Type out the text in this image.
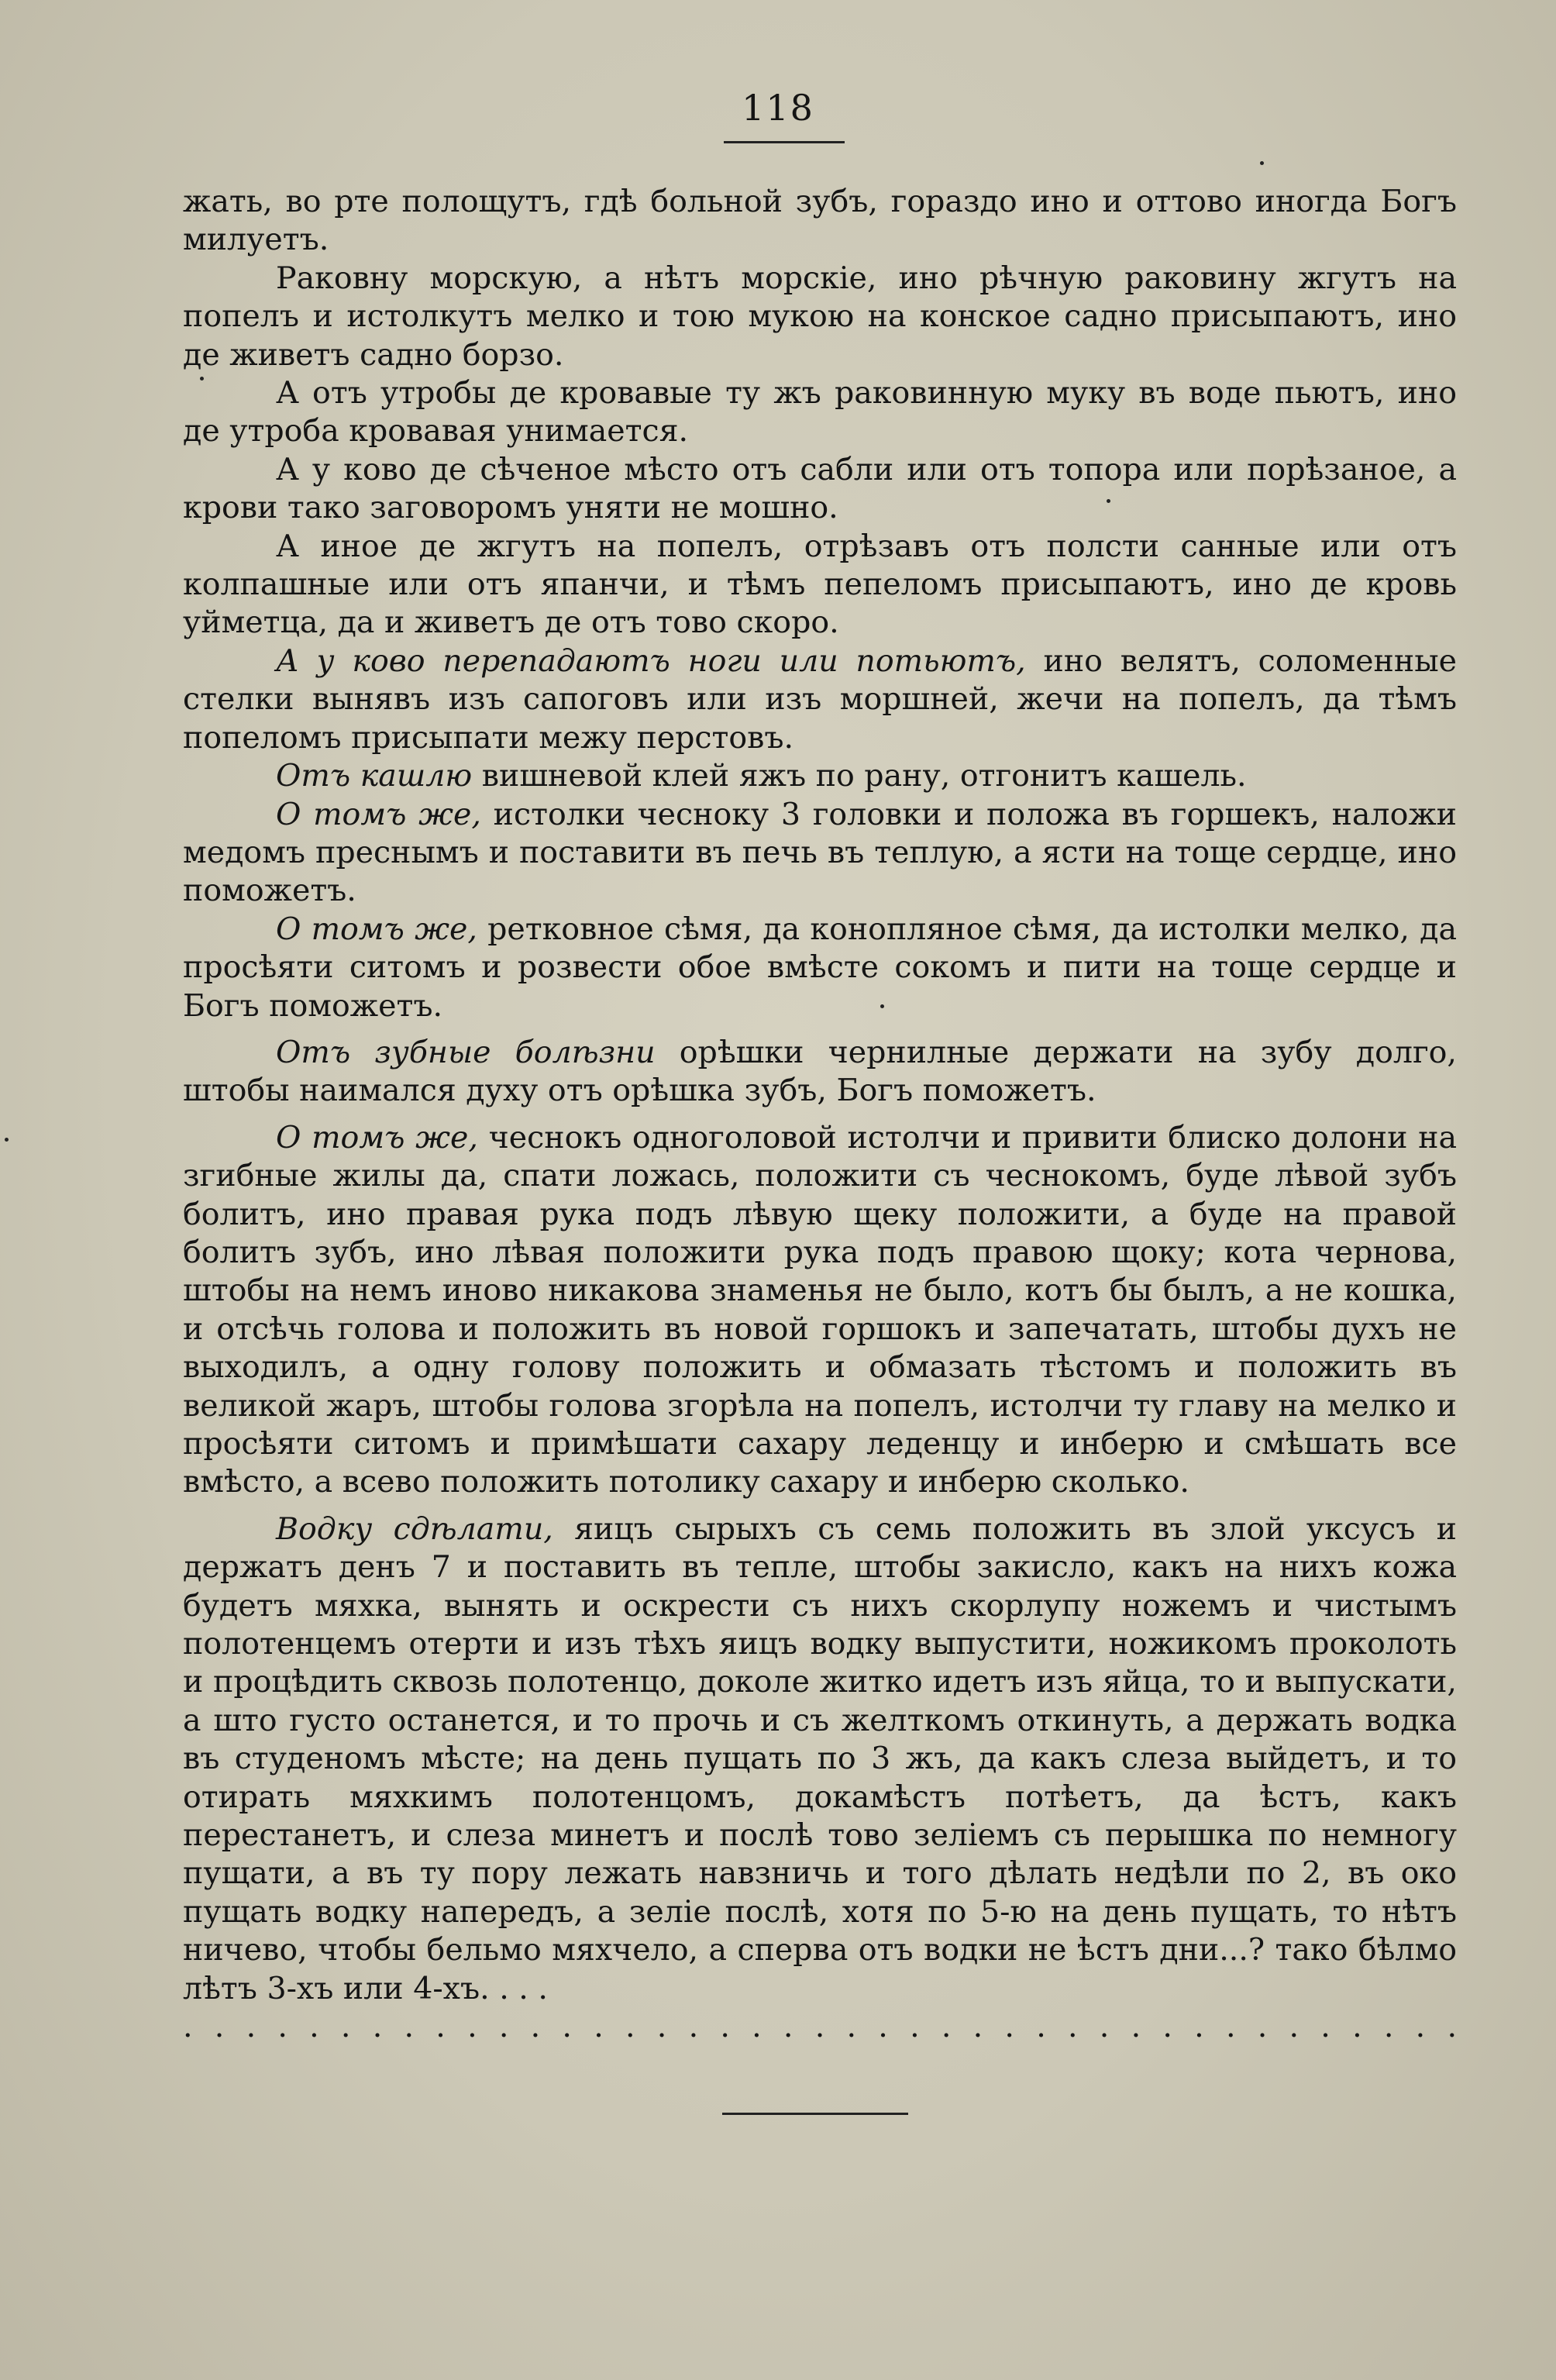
118

жать, во рте полощутъ, гдѣ больной зубъ, гораздо ино и оттово иногда Богъ милуетъ.

Раковну морскую, а нѣтъ морскіе, ино рѣчную раковину жгутъ на попелъ и истолкутъ мелко и тою мукою на конское садно присыпаютъ, ино де живетъ садно борзо.

А отъ утробы де кровавые ту жъ раковинную муку въ воде пьютъ, ино де утроба кровавая унимается.

А у ково де сѣченое мѣсто отъ сабли или отъ топора или порѣзаное, а крови тако заговоромъ уняти не мошно.

А иное де жгутъ на попелъ, отрѣзавъ отъ полсти санные или отъ колпашные или отъ япанчи, и тѣмъ пепеломъ присыпаютъ, ино де кровь уйметца, да и живетъ де отъ тово скоро.

А у ково перепадаютъ ноги или потьютъ, ино велятъ, соломенные стелки вынявъ изъ сапоговъ или изъ моршней, жечи на попелъ, да тѣмъ попеломъ присыпати межу перстовъ.

Отъ кашлю вишневой клей яжъ по рану, отгонитъ кашель.

О томъ же, истолки чесноку 3 головки и положа въ горшекъ, наложи медомъ преснымъ и поставити въ печь въ теплую, а ясти на тоще сердце, ино поможетъ.

О томъ же, ретковное сѣмя, да конопляное сѣмя, да истолки мелко, да просѣяти ситомъ и розвести обое вмѣсте сокомъ и пити на тоще сердце и Богъ поможетъ.

Отъ зубные болѣзни орѣшки чернилные держати на зубу долго, штобы наимался духу отъ орѣшка зубъ, Богъ поможетъ.

О томъ же, чеснокъ одноголовой истолчи и привити блиско долони на згибные жилы да, спати ложась, положити съ чеснокомъ, буде лѣвой зубъ болитъ, ино правая рука подъ лѣвую щеку положити, а буде на правой болитъ зубъ, ино лѣвая положити рука подъ правою щоку; кота чернова, штобы на немъ иново никакова знаменья не было, котъ бы былъ, а не кошка, и отсѣчь голова и положить въ новой горшокъ и запечатать, штобы духъ не выходилъ, а одну голову положить и обмазать тѣстомъ и положить въ великой жаръ, штобы голова згорѣла на попелъ, истолчи ту главу на мелко и просѣяти ситомъ и примѣшати сахару леденцу и инберю и смѣшать все вмѣсто, а всево положить потолику сахару и инберю сколько.

Водку сдѣлати, яицъ сырыхъ съ семь положить въ злой уксусъ и держатъ денъ 7 и поставить въ тепле, штобы закисло, какъ на нихъ кожа будетъ мяхка, вынять и оскрести съ нихъ скорлупу ножемъ и чистымъ полотенцемъ отерти и изъ тѣхъ яицъ водку выпустити, ножикомъ проколоть и процѣдить сквозь полотенцо, доколе житко идетъ изъ яйца, то и выпускати, а што густо останется, и то прочь и съ желткомъ откинуть, а держать водка въ студеномъ мѣсте; на день пущать по 3 жъ, да какъ слеза выйдетъ, и то отирать мяхкимъ полотенцомъ, докамѣстъ потѣетъ, да ѣстъ, какъ перестанетъ, и слеза минетъ и послѣ тово зеліемъ съ перышка по немногу пущати, а въ ту пору лежать навзничь и того дѣлать недѣли по 2, въ око пущать водку напередъ, а зеліе послѣ, хотя по 5-ю на день пущать, то нѣтъ ничево, чтобы бельмо мяхчело, а сперва отъ водки не ѣстъ дни...? тако бѣлмо лѣтъ 3-хъ или 4-хъ. . . .

. . . . . . . . . . . . . . . . . . . . . . . . . . . . . . . . . . . . . . . . .
